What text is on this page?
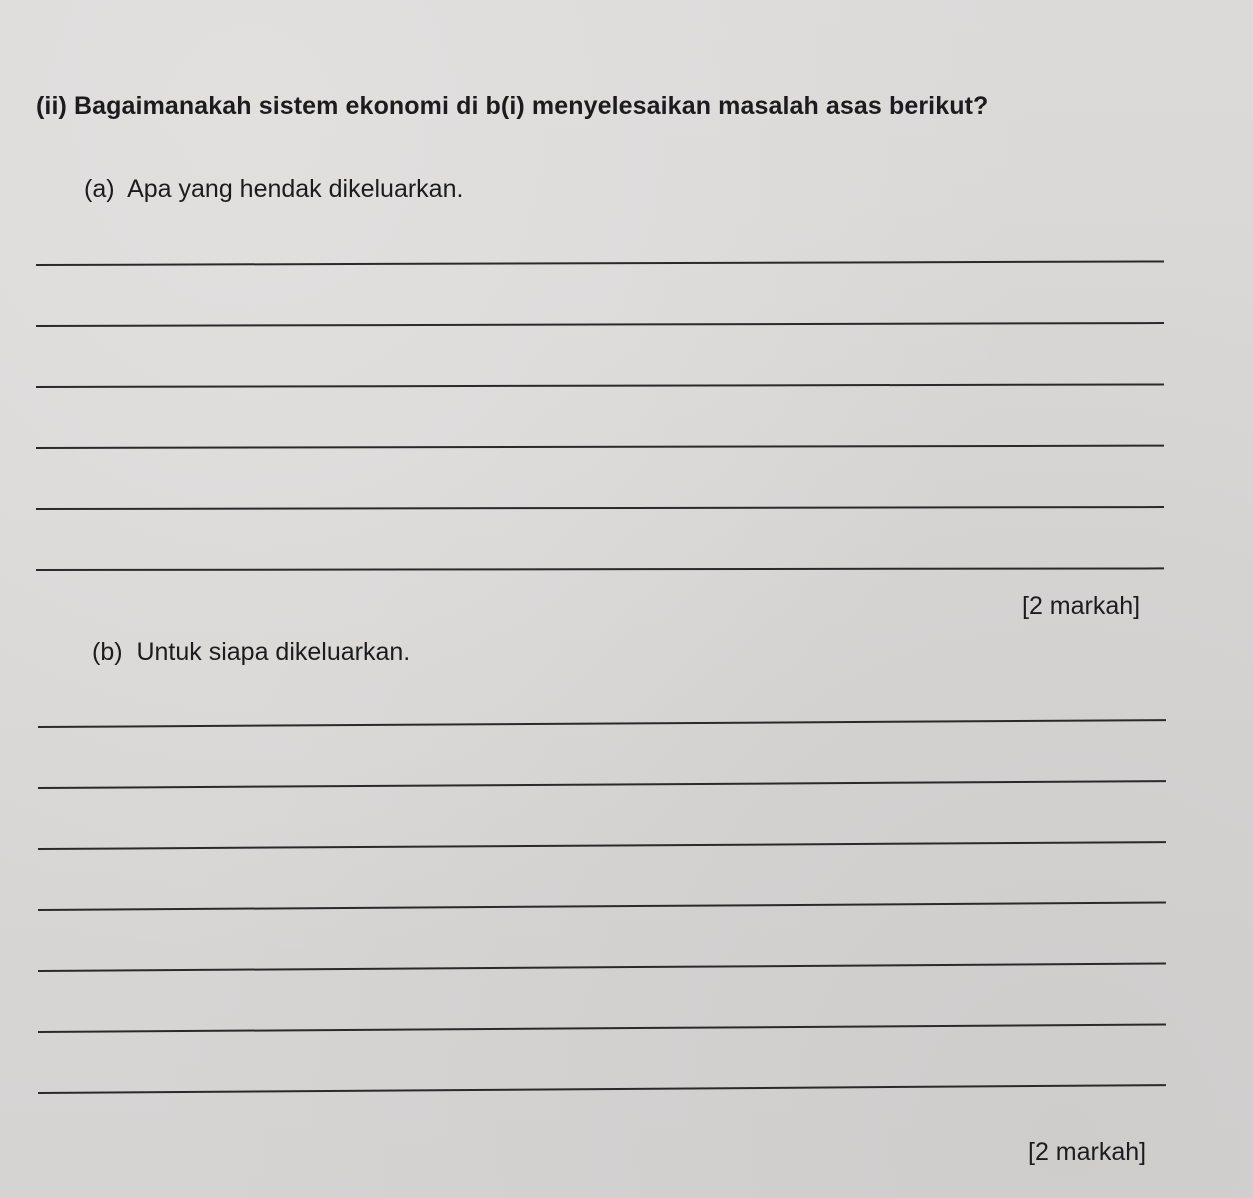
(ii) Bagaimanakah sistem ekonomi di b(i) menyelesaikan masalah asas berikut?
(a) Apa yang hendak dikeluarkan.
[2 markah]
(b) Untuk siapa dikeluarkan.
[2 markah]
